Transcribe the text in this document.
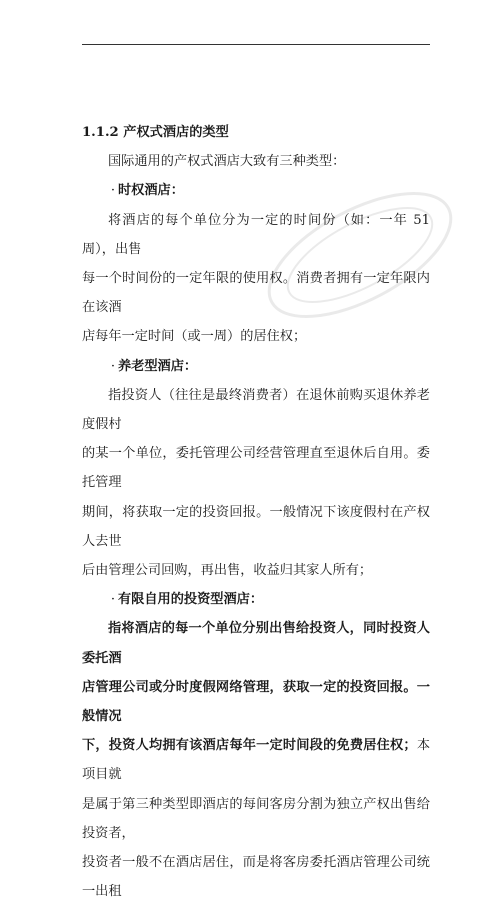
1.1.2 产权式酒店的类型
国际通用的产权式酒店大致有三种类型：
· 时权酒店：
将酒店的每个单位分为一定的时间份（如：一年 51 周），出售
每一个时间份的一定年限的使用权。消费者拥有一定年限内在该酒
店每年一定时间（或一周）的居住权；
· 养老型酒店：
指投资人（往往是最终消费者）在退休前购买退休养老度假村
的某一个单位，委托管理公司经营管理直至退休后自用。委托管理
期间，将获取一定的投资回报。一般情况下该度假村在产权人去世
后由管理公司回购，再出售，收益归其家人所有；
· 有限自用的投资型酒店：
指将酒店的每一个单位分别出售给投资人，同时投资人委托酒
店管理公司或分时度假网络管理，获取一定的投资回报。一般情况
下，投资人均拥有该酒店每年一定时间段的免费居住权；本项目就
是属于第三种类型即酒店的每间客房分割为独立产权出售给投资者，
投资者一般不在酒店居住，而是将客房委托酒店管理公司统一出租
